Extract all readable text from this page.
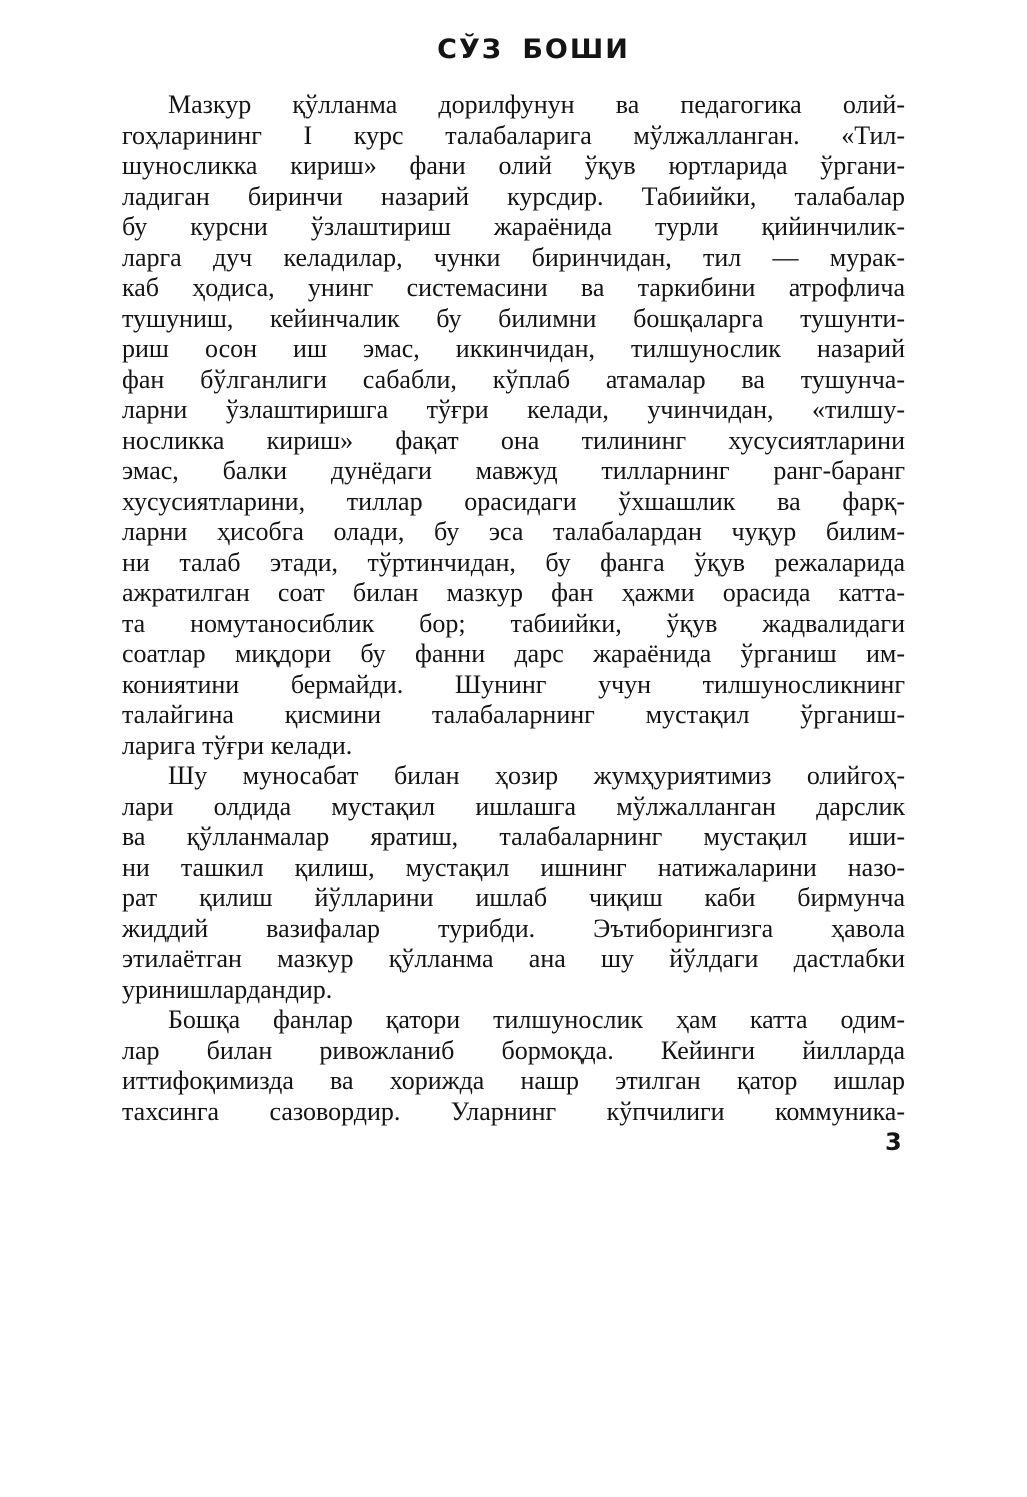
СЎЗ БОШИ
Мазкур қўлланма дорилфунун ва педагогика олий-
гоҳларининг I курс талабаларига мўлжалланган. «Тил-
шуносликка кириш» фани олий ўқув юртларида ўргани-
ладиган биринчи назарий курсдир. Табиийки, талабалар
бу курсни ўзлаштириш жараёнида турли қийинчилик-
ларга дуч келадилар, чунки биринчидан, тил — мурак-
каб ҳодиса, унинг системасини ва таркибини атрофлича
тушуниш, кейинчалик бу билимни бошқаларга тушунти-
риш осон иш эмас, иккинчидан, тилшунослик назарий
фан бўлганлиги сабабли, кўплаб атамалар ва тушунча-
ларни ўзлаштиришга тўғри келади, учинчидан, «тилшу-
носликка кириш» фақат она тилининг хусусиятларини
эмас, балки дунёдаги мавжуд тилларнинг ранг-баранг
хусусиятларини, тиллар орасидаги ўхшашлик ва фарқ-
ларни ҳисобга олади, бу эса талабалардан чуқур билим-
ни талаб этади, тўртинчидан, бу фанга ўқув режаларида
ажратилган соат билан мазкур фан ҳажми орасида катта-
та номутаносиблик бор; табиийки, ўқув жадвалидаги
соатлар миқдори бу фанни дарс жараёнида ўрганиш им-
кониятини бермайди. Шунинг учун тилшуносликнинг
талайгина қисмини талабаларнинг мустақил ўрганиш-
ларига тўғри келади.
Шу муносабат билан ҳозир жумҳуриятимиз олийгоҳ-
лари олдида мустақил ишлашга мўлжалланган дарслик
ва қўлланмалар яратиш, талабаларнинг мустақил иши-
ни ташкил қилиш, мустақил ишнинг натижаларини назо-
рат қилиш йўлларини ишлаб чиқиш каби бирмунча
жиддий вазифалар турибди. Эътиборингизга ҳавола
этилаётган мазкур қўлланма ана шу йўлдаги дастлабки
уринишлардандир.
Бошқа фанлар қатори тилшунослик ҳам катта одим-
лар билан ривожланиб бормоқда. Кейинги йилларда
иттифоқимизда ва хорижда нашр этилган қатор ишлар
тахсинга сазовордир. Уларнинг кўпчилиги коммуника-
3
